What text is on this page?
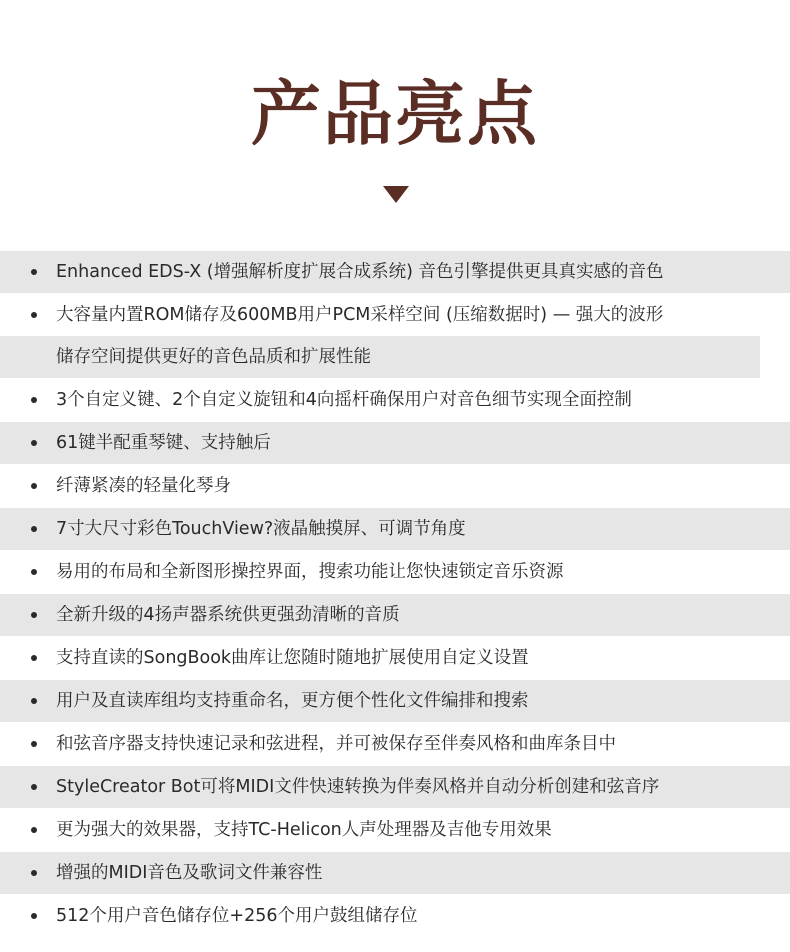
产品亮点
Enhanced EDS-X (增强解析度扩展合成系统) 音色引擎提供更具真实感的音色
大容量内置ROM储存及600MB用户PCM采样空间 (压缩数据时) — 强大的波形
储存空间提供更好的音色品质和扩展性能
3个自定义键、2个自定义旋钮和4向摇杆确保用户对音色细节实现全面控制
61键半配重琴键、支持触后
纤薄紧凑的轻量化琴身
7寸大尺寸彩色TouchView?液晶触摸屏、可调节角度
易用的布局和全新图形操控界面，搜索功能让您快速锁定音乐资源
全新升级的4扬声器系统供更强劲清晰的音质
支持直读的SongBook曲库让您随时随地扩展使用自定义设置
用户及直读库组均支持重命名，更方便个性化文件编排和搜索
和弦音序器支持快速记录和弦进程，并可被保存至伴奏风格和曲库条目中
StyleCreator Bot可将MIDI文件快速转换为伴奏风格并自动分析创建和弦音序
更为强大的效果器，支持TC-Helicon人声处理器及吉他专用效果
增强的MIDI音色及歌词文件兼容性
512个用户音色储存位+256个用户鼓组储存位
